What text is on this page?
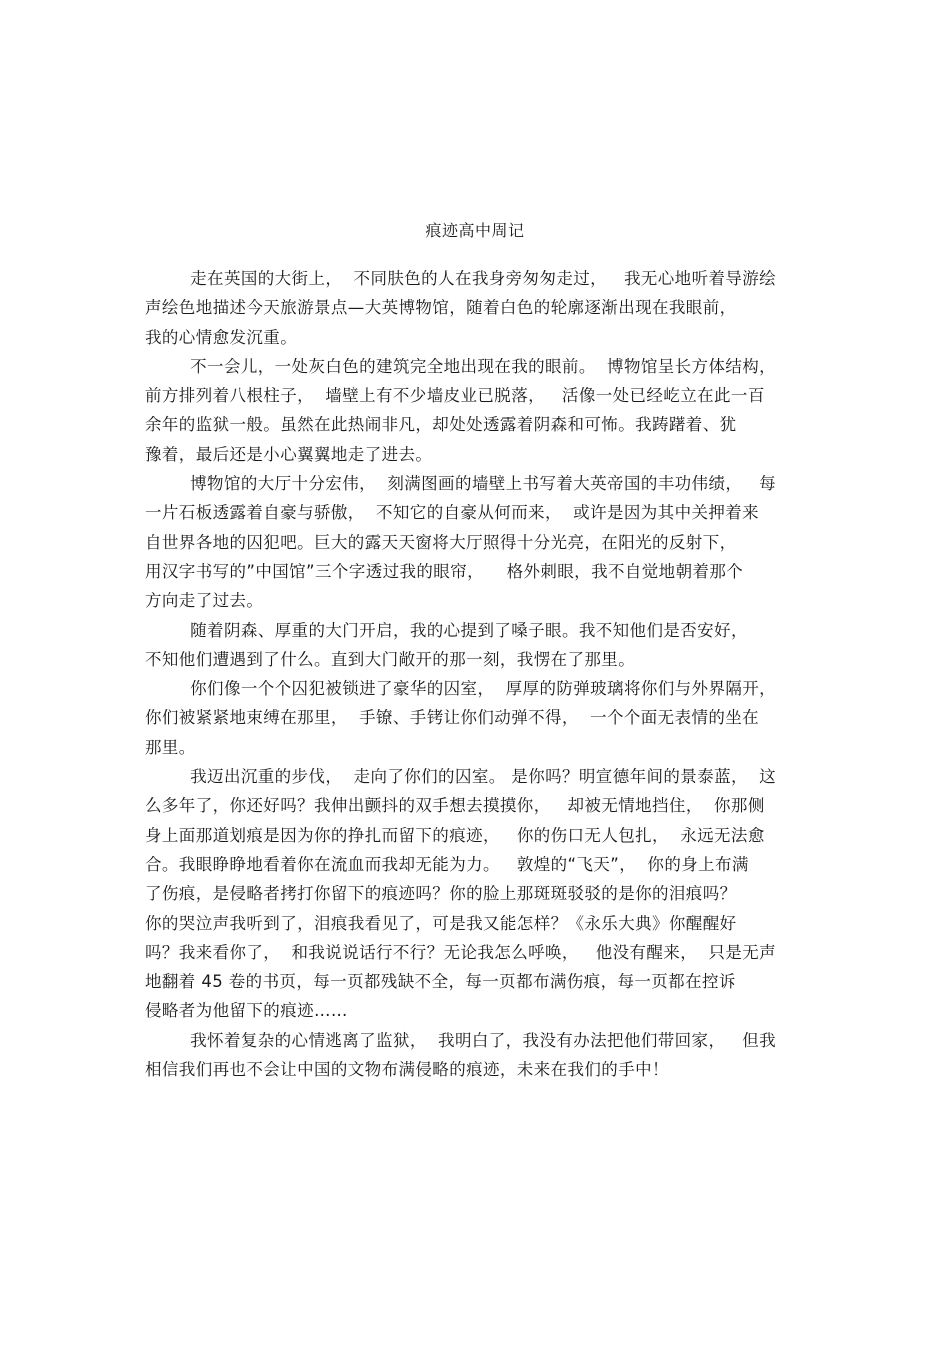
痕迹高中周记
走在英国的大街上，  不同肤色的人在我身旁匆匆走过，   我无心地听着导游绘
声绘色地描述今天旅游景点—大英博物馆，随着白色的轮廓逐渐出现在我眼前，
我的心情愈发沉重。
不一会儿，一处灰白色的建筑完全地出现在我的眼前。  博物馆呈长方体结构，
前方排列着八根柱子，  墙壁上有不少墙皮业已脱落，   活像一处已经屹立在此一百
余年的监狱一般。虽然在此热闹非凡，却处处透露着阴森和可怖。我踌躇着、犹
豫着，最后还是小心翼翼地走了进去。
博物馆的大厅十分宏伟，  刻满图画的墙壁上书写着大英帝国的丰功伟绩，   每
一片石板透露着自豪与骄傲，  不知它的自豪从何而来，  或许是因为其中关押着来
自世界各地的囚犯吧。巨大的露天天窗将大厅照得十分光亮，在阳光的反射下，
用汉字书写的”中国馆”三个字透过我的眼帘，    格外刺眼，我不自觉地朝着那个
方向走了过去。
随着阴森、厚重的大门开启，我的心提到了嗓子眼。我不知他们是否安好，
不知他们遭遇到了什么。直到大门敞开的那一刻，我愣在了那里。
你们像一个个囚犯被锁进了豪华的囚室，  厚厚的防弹玻璃将你们与外界隔开，
你们被紧紧地束缚在那里，  手镣、手铐让你们动弹不得，  一个个面无表情的坐在
那里。
我迈出沉重的步伐，  走向了你们的囚室。 是你吗？明宣德年间的景泰蓝，  这
么多年了，你还好吗？我伸出颤抖的双手想去摸摸你，   却被无情地挡住，  你那侧
身上面那道划痕是因为你的挣扎而留下的痕迹，   你的伤口无人包扎，  永远无法愈
合。我眼睁睁地看着你在流血而我却无能为力。   敦煌的“飞天”，  你的身上布满
了伤痕，是侵略者拷打你留下的痕迹吗？你的脸上那斑斑驳驳的是你的泪痕吗？
你的哭泣声我听到了，泪痕我看见了，可是我又能怎样？《永乐大典》你醒醒好
吗？我来看你了，  和我说说话行不行？无论我怎么呼唤，   他没有醒来，  只是无声
地翻着 45 卷的书页，每一页都残缺不全，每一页都布满伤痕，每一页都在控诉
侵略者为他留下的痕迹……
我怀着复杂的心情逃离了监狱，  我明白了，我没有办法把他们带回家，   但我
相信我们再也不会让中国的文物布满侵略的痕迹，未来在我们的手中！
